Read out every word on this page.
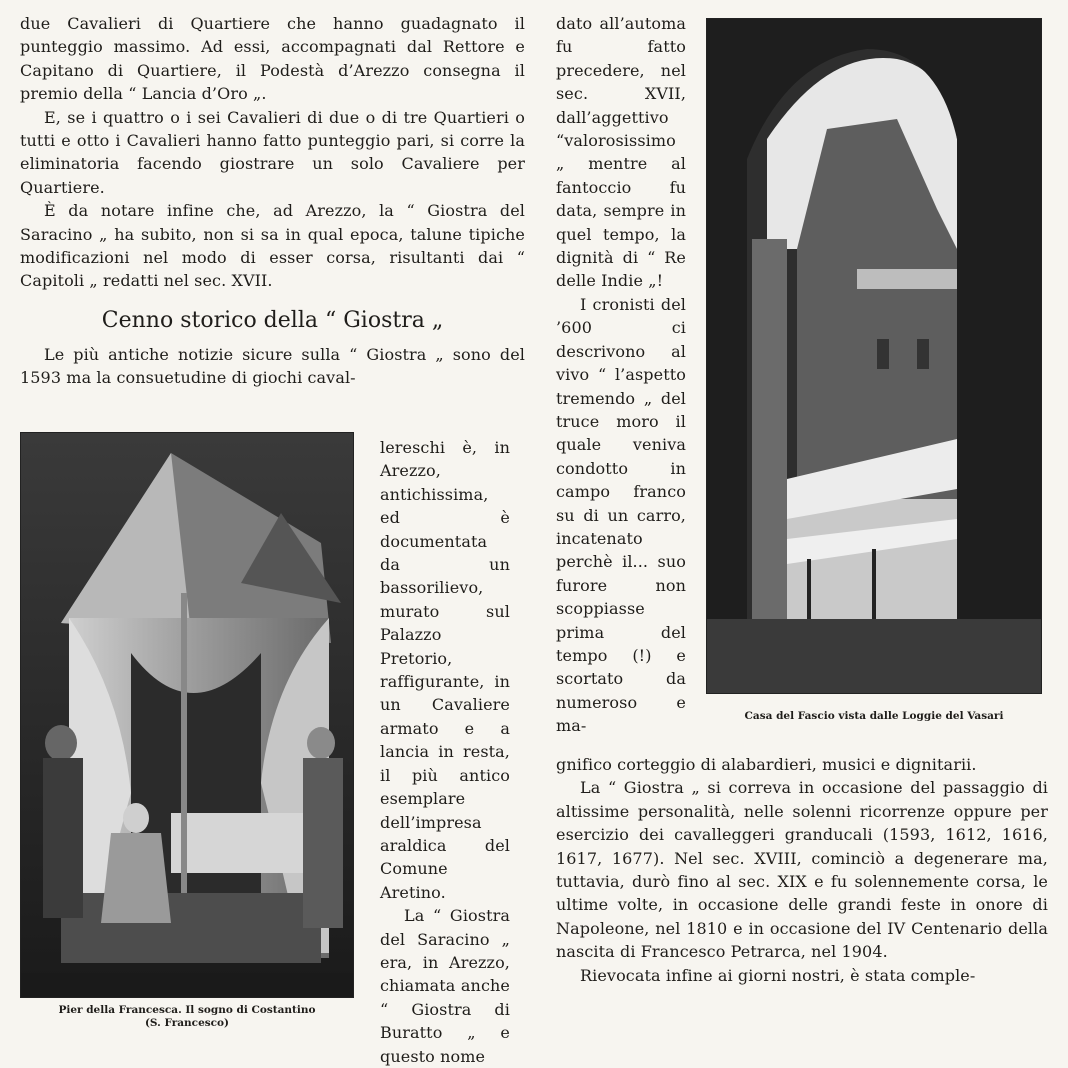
due Cavalieri di Quartiere che hanno guadagnato il punteggio massimo. Ad essi, accompagnati dal Rettore e Capitano di Quartiere, il Podestà d’Arezzo consegna il premio della “ Lancia d’Oro „.

E, se i quattro o i sei Cavalieri di due o di tre Quartieri o tutti e otto i Cavalieri hanno fatto punteggio pari, si corre la eliminatoria facendo giostrare un solo Cavaliere per Quartiere.

È da notare infine che, ad Arezzo, la “ Giostra del Saracino „ ha subito, non si sa in qual epoca, talune tipiche modificazioni nel modo di esser corsa, risultanti dai “ Capitoli „ redatti nel sec. XVII.

Cenno storico della “ Giostra „

Le più antiche notizie sicure sulla “ Giostra „ sono del 1593 ma la consuetudine di giochi caval-

Pier della Francesca. Il sogno di Costantino
(S. Francesco)

lereschi è, in Arezzo, antichissima, ed è documentata da un bassorilievo, murato sul Palazzo Pretorio, raffigurante, in un Cavaliere armato e a lancia in resta, il più antico esemplare dell’impresa araldica del Comune Aretino.

La “ Giostra del Saracino „ era, in Arezzo, chiamata anche “ Giostra di Buratto „ e questo nome

dato all’automa fu fatto precedere, nel sec. XVII, dall’aggettivo “valorosissimo „ mentre al fantoccio fu data, sempre in quel tempo, la dignità di “ Re delle Indie „!

I cronisti del ’600 ci descrivono al vivo “ l’aspetto tremendo „ del truce moro il quale veniva condotto in campo franco su di un carro, incatenato perchè il... suo furore non scoppiasse prima del tempo (!) e scortato da numeroso e ma-

Casa del Fascio vista dalle Loggie del Vasari

gnifico corteggio di alabardieri, musici e dignitarii.

La “ Giostra „ si correva in occasione del passaggio di altissime personalità, nelle solenni ricorrenze oppure per esercizio dei cavalleggeri granducali (1593, 1612, 1616, 1617, 1677). Nel sec. XVIII, cominciò a degenerare ma, tuttavia, durò fino al sec. XIX e fu solennemente corsa, le ultime volte, in occasione delle grandi feste in onore di Napoleone, nel 1810 e in occasione del IV Centenario della nascita di Francesco Petrarca, nel 1904.

Rievocata infine ai giorni nostri, è stata comple-
